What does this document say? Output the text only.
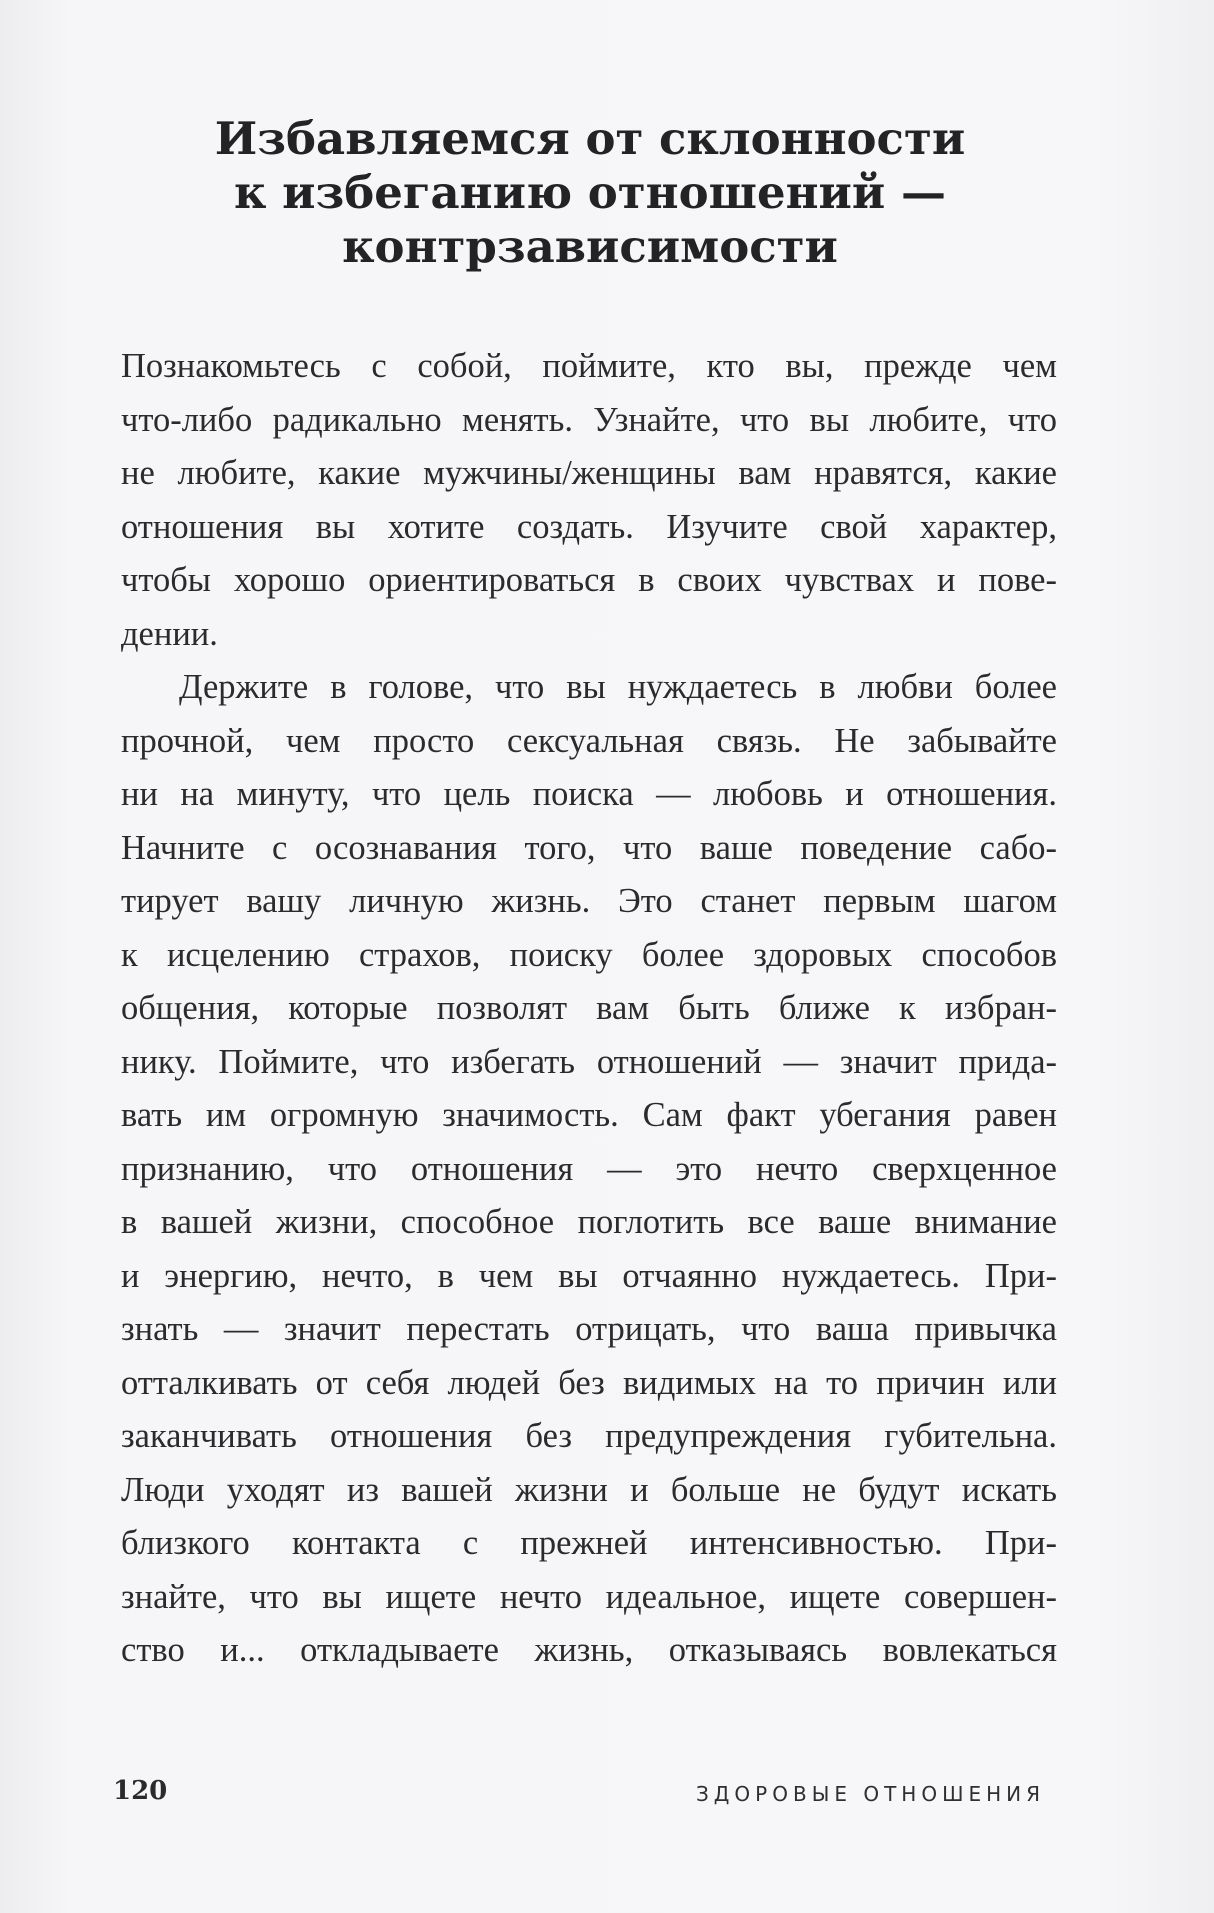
Избавляемся от склонности
к избеганию отношений —
контрзависимости

Познакомьтесь с собой, поймите, кто вы, прежде чем
что-либо радикально менять. Узнайте, что вы любите, что
не любите, какие мужчины/женщины вам нравятся, какие
отношения вы хотите создать. Изучите свой характер,
чтобы хорошо ориентироваться в своих чувствах и пове-
дении.

Держите в голове, что вы нуждаетесь в любви более
прочной, чем просто сексуальная связь. Не забывайте
ни на минуту, что цель поиска — любовь и отношения.
Начните с осознавания того, что ваше поведение сабо-
тирует вашу личную жизнь. Это станет первым шагом
к исцелению страхов, поиску более здоровых способов
общения, которые позволят вам быть ближе к избран-
нику. Поймите, что избегать отношений — значит прида-
вать им огромную значимость. Сам факт убегания равен
признанию, что отношения — это нечто сверхценное
в вашей жизни, способное поглотить все ваше внимание
и энергию, нечто, в чем вы отчаянно нуждаетесь. При-
знать — значит перестать отрицать, что ваша привычка
отталкивать от себя людей без видимых на то причин или
заканчивать отношения без предупреждения губительна.
Люди уходят из вашей жизни и больше не будут искать
близкого контакта с прежней интенсивностью. При-
знайте, что вы ищете нечто идеальное, ищете совершен-
ство и... откладываете жизнь, отказываясь вовлекаться

120	ЗДОРОВЫЕ ОТНОШЕНИЯ
